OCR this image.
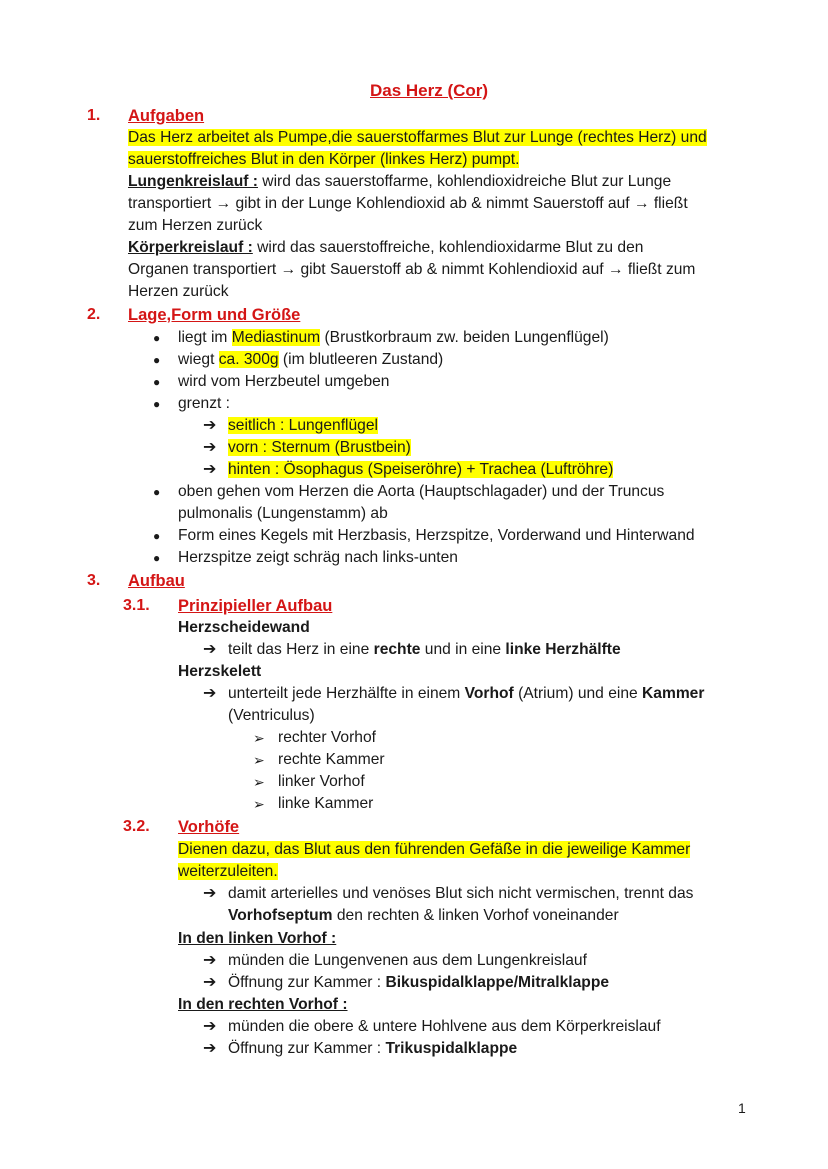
Das Herz (Cor)
1. Aufgaben
Das Herz arbeitet als Pumpe,die sauerstoffarmes Blut zur Lunge (rechtes Herz) und
sauerstoffreiches Blut in den Körper (linkes Herz) pumpt.
Lungenkreislauf : wird das sauerstoffarme, kohlendioxidreiche Blut zur Lunge
transportiert → gibt in der Lunge Kohlendioxid ab & nimmt Sauerstoff auf → fließt
zum Herzen zurück
Körperkreislauf : wird das sauerstoffreiche, kohlendioxidarme Blut zu den
Organen transportiert → gibt Sauerstoff ab & nimmt Kohlendioxid auf → fließt zum
Herzen zurück
2. Lage,Form und Größe
● liegt im Mediastinum (Brustkorbraum zw. beiden Lungenflügel)
● wiegt ca. 300g (im blutleeren Zustand)
● wird vom Herzbeutel umgeben
● grenzt :
➔ seitlich : Lungenflügel
➔ vorn : Sternum (Brustbein)
➔ hinten : Ösophagus (Speiseröhre) + Trachea (Luftröhre)
● oben gehen vom Herzen die Aorta (Hauptschlagader) und der Truncus
pulmonalis (Lungenstamm) ab
● Form eines Kegels mit Herzbasis, Herzspitze, Vorderwand und Hinterwand
● Herzspitze zeigt schräg nach links-unten
3. Aufbau
3.1. Prinzipieller Aufbau
Herzscheidewand
➔ teilt das Herz in eine rechte und in eine linke Herzhälfte
Herzskelett
➔ unterteilt jede Herzhälfte in einem Vorhof (Atrium) und eine Kammer
(Ventriculus)
➢ rechter Vorhof
➢ rechte Kammer
➢ linker Vorhof
➢ linke Kammer
3.2. Vorhöfe
Dienen dazu, das Blut aus den führenden Gefäße in die jeweilige Kammer
weiterzuleiten.
➔ damit arterielles und venöses Blut sich nicht vermischen, trennt das
Vorhofseptum den rechten & linken Vorhof voneinander
In den linken Vorhof :
➔ münden die Lungenvenen aus dem Lungenkreislauf
➔ Öffnung zur Kammer : Bikuspidalklappe/Mitralklappe
In den rechten Vorhof :
➔ münden die obere & untere Hohlvene aus dem Körperkreislauf
➔ Öffnung zur Kammer : Trikuspidalklappe
1
